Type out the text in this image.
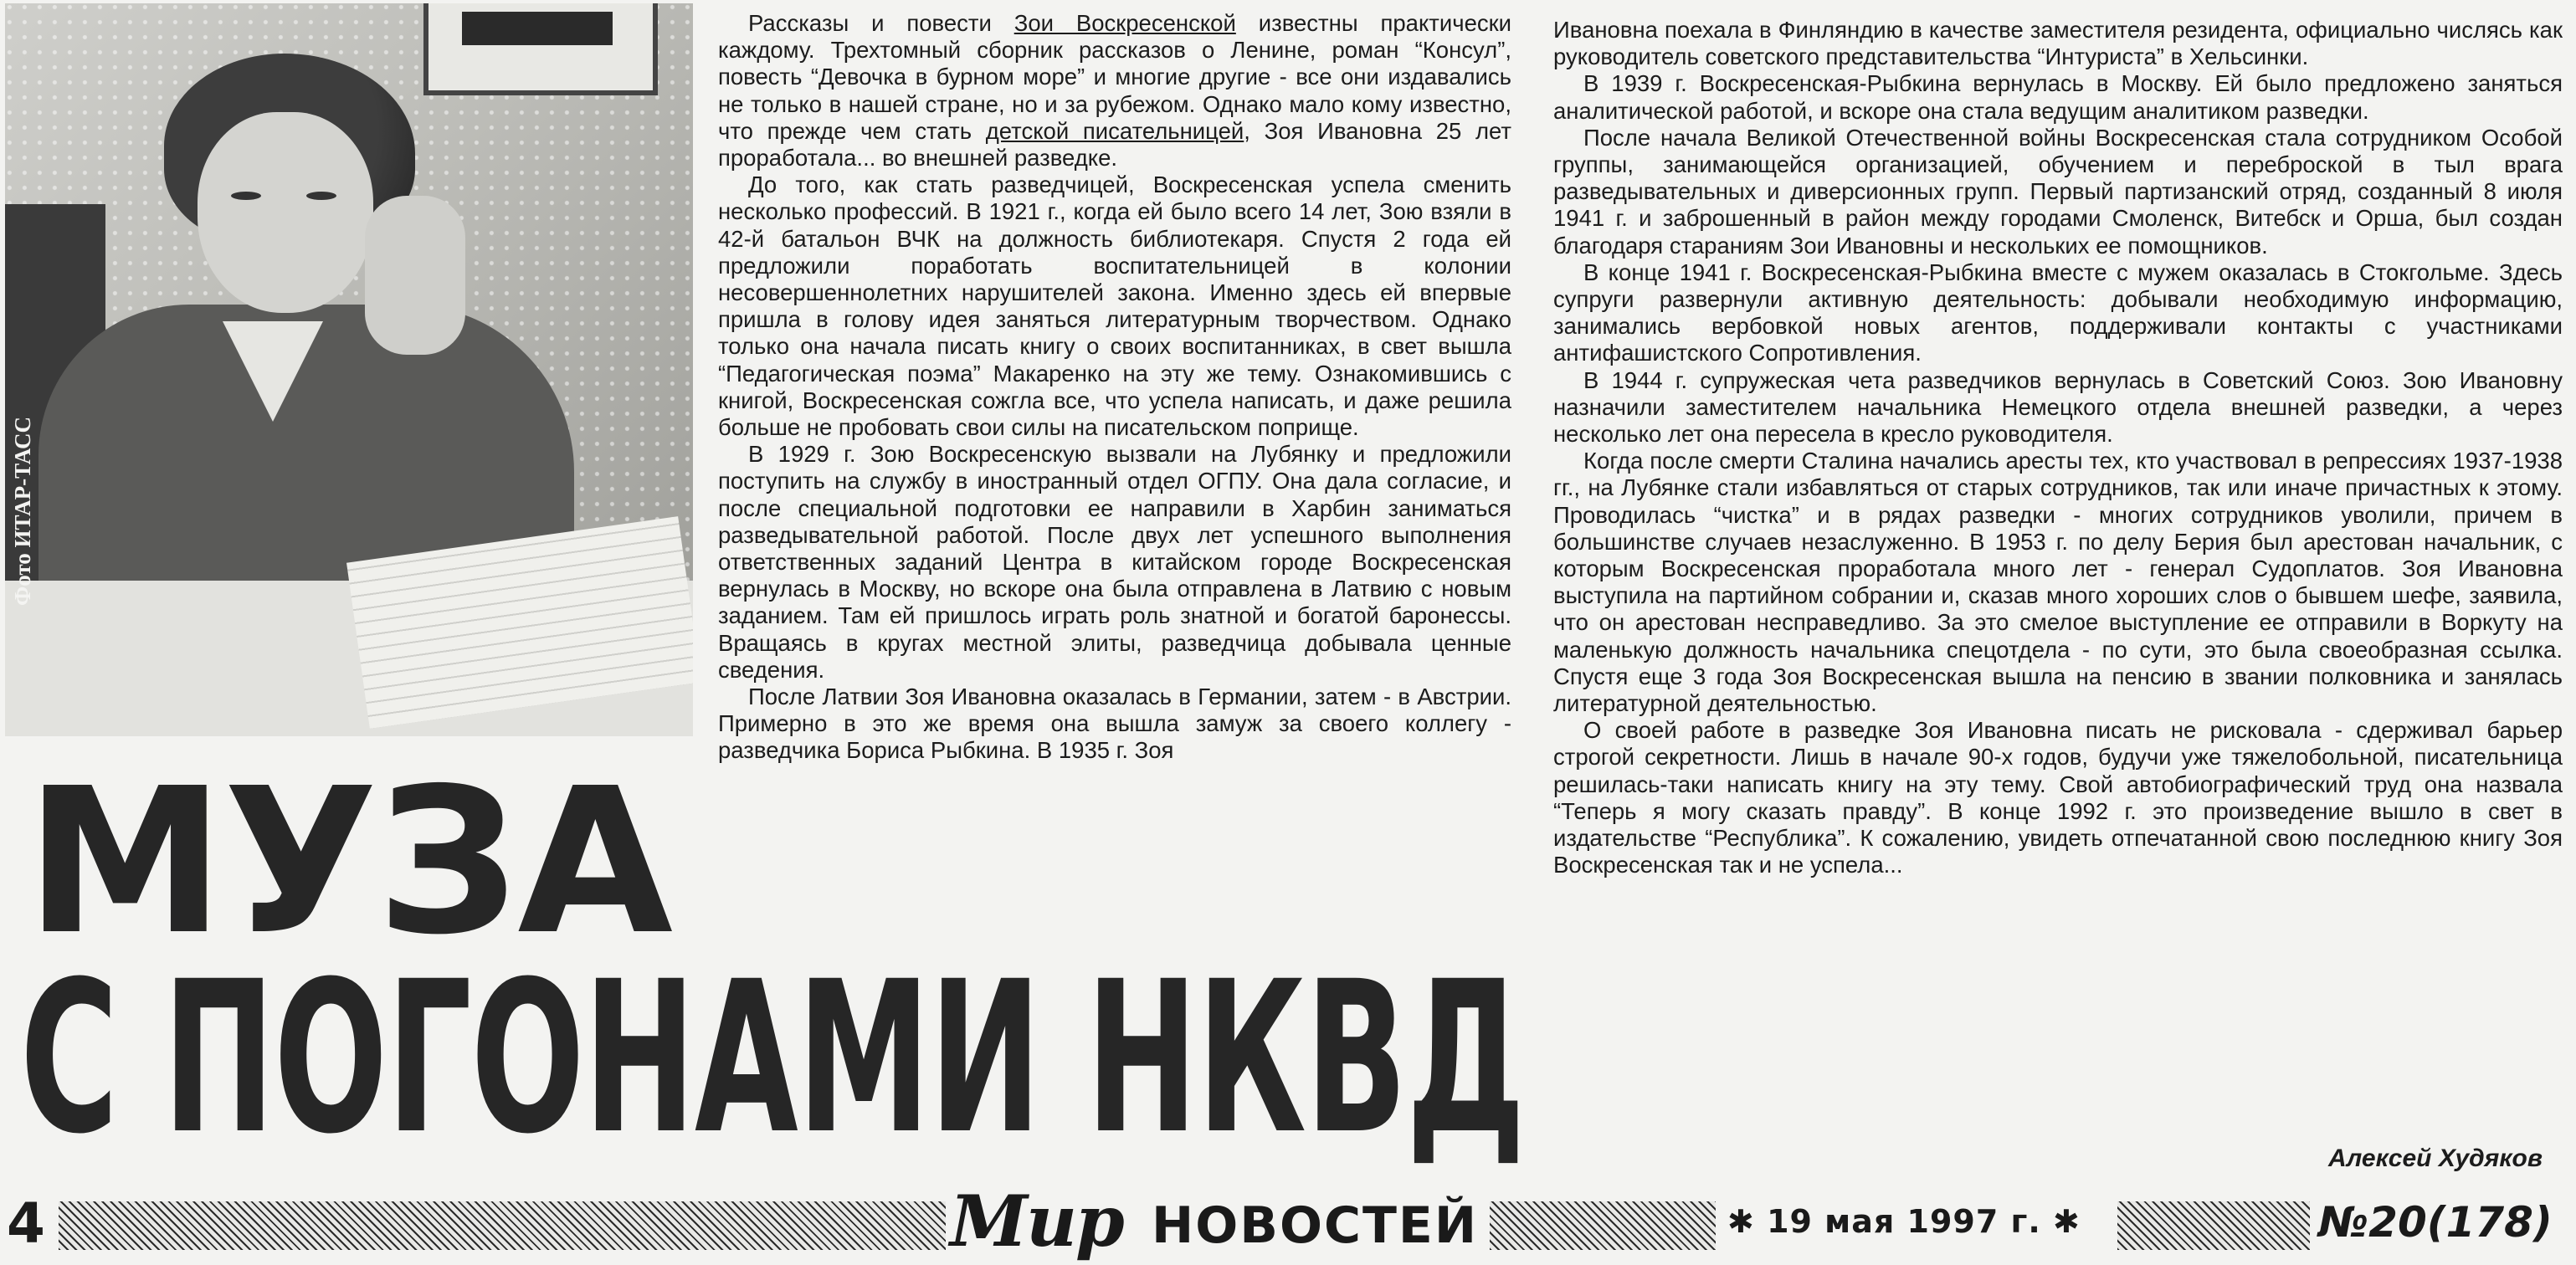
МУЗА
С ПОГОНАМИ НКВД

Рассказы и повести Зои Воскресенской известны практически каждому. Трехтомный сборник рассказов о Ленине, роман “Консул”, повесть “Девочка в бурном море” и многие другие - все они издавались не только в нашей стране, но и за рубежом. Однако мало кому известно, что прежде чем стать детской писательницей, Зоя Ивановна 25 лет проработала... во внешней разведке.

До того, как стать разведчицей, Воскресенская успела сменить несколько профессий. В 1921 г., когда ей было всего 14 лет, Зою взяли в 42-й батальон ВЧК на должность библиотекаря. Спустя 2 года ей предложили поработать воспитательницей в колонии несовершеннолетних нарушителей закона. Именно здесь ей впервые пришла в голову идея заняться литературным творчеством. Однако только она начала писать книгу о своих воспитанниках, в свет вышла “Педагогическая поэма” Макаренко на эту же тему. Ознакомившись с книгой, Воскресенская сожгла все, что успела написать, и даже решила больше не пробовать свои силы на писательском поприще.

В 1929 г. Зою Воскресенскую вызвали на Лубянку и предложили поступить на службу в иностранный отдел ОГПУ. Она дала согласие, и после специальной подготовки ее направили в Харбин заниматься разведывательной работой. После двух лет успешного выполнения ответственных заданий Центра в китайском городе Воскресенская вернулась в Москву, но вскоре она была отправлена в Латвию с новым заданием. Там ей пришлось играть роль знатной и богатой баронессы. Вращаясь в кругах местной элиты, разведчица добывала ценные сведения.

После Латвии Зоя Ивановна оказалась в Германии, затем - в Австрии. Примерно в это же время она вышла замуж за своего коллегу - разведчика Бориса Рыбкина. В 1935 г. Зоя

Ивановна поехала в Финляндию в качестве заместителя резидента, официально числясь как руководитель советского представительства “Интуриста” в Хельсинки.

В 1939 г. Воскресенская-Рыбкина вернулась в Москву. Ей было предложено заняться аналитической работой, и вскоре она стала ведущим аналитиком разведки.

После начала Великой Отечественной войны Воскресенская стала сотрудником Особой группы, занимающейся организацией, обучением и переброской в тыл врага разведывательных и диверсионных групп. Первый партизанский отряд, созданный 8 июля 1941 г. и заброшенный в район между городами Смоленск, Витебск и Орша, был создан благодаря стараниям Зои Ивановны и нескольких ее помощников.

В конце 1941 г. Воскресенская-Рыбкина вместе с мужем оказалась в Стокгольме. Здесь супруги развернули активную деятельность: добывали необходимую информацию, занимались вербовкой новых агентов, поддерживали контакты с участниками антифашистского Сопротивления.

В 1944 г. супружеская чета разведчиков вернулась в Советский Союз. Зою Ивановну назначили заместителем начальника Немецкого отдела внешней разведки, а через несколько лет она пересела в кресло руководителя.

Когда после смерти Сталина начались аресты тех, кто участвовал в репрессиях 1937-1938 гг., на Лубянке стали избавляться от старых сотрудников, так или иначе причастных к этому. Проводилась “чистка” и в рядах разведки - многих сотрудников уволили, причем в большинстве случаев незаслуженно. В 1953 г. по делу Берия был арестован начальник, с которым Воскресенская проработала много лет - генерал Судоплатов. Зоя Ивановна выступила на партийном собрании и, сказав много хороших слов о бывшем шефе, заявила, что он арестован несправедливо. За это смелое выступление ее отправили в Воркуту на маленькую должность начальника спецотдела - по сути, это была своеобразная ссылка. Спустя еще 3 года Зоя Воскресенская вышла на пенсию в звании полковника и занялась литературной деятельностью.

О своей работе в разведке Зоя Ивановна писать не рисковала - сдерживал барьер строгой секретности. Лишь в начале 90-х годов, будучи уже тяжелобольной, писательница решилась-таки написать книгу на эту тему. Свой автобиографический труд она назвала “Теперь я могу сказать правду”. В конце 1992 г. это произведение вышло в свет в издательстве “Республика”. К сожалению, увидеть отпечатанной свою последнюю книгу Зоя Воскресенская так и не успела...

Алексей Худяков
4	Мир НОВОСТЕЙ	✱ 19 мая 1997 г. ✱	№20(178)
